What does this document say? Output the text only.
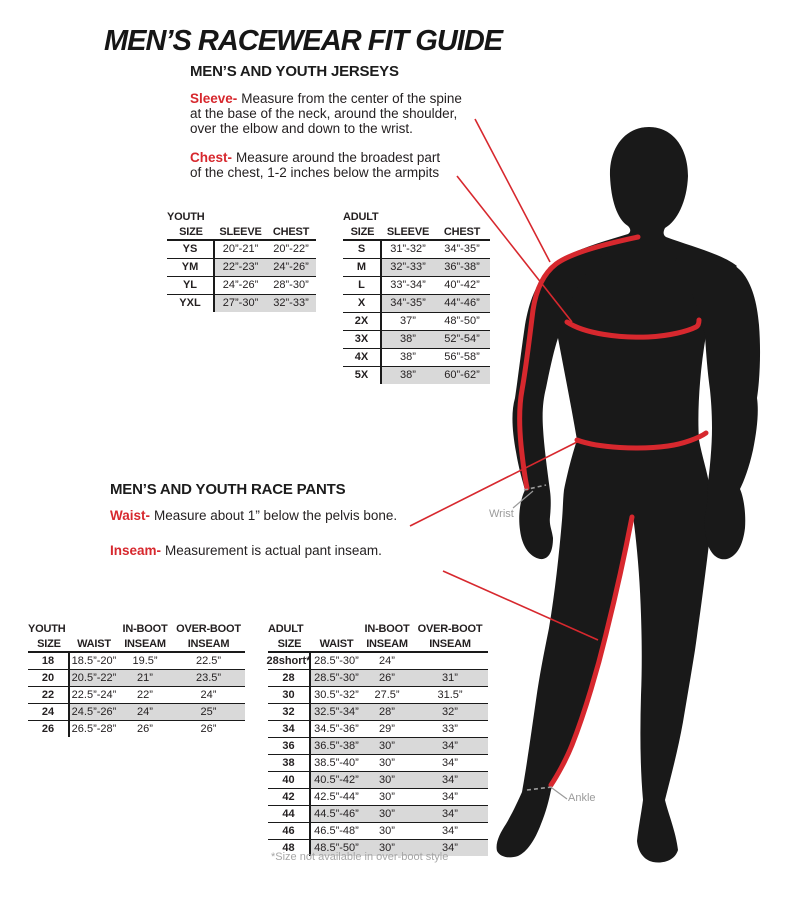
MEN’S RACEWEAR FIT GUIDE
MEN’S AND YOUTH JERSEYS

Sleeve- Measure from the center of the spine
at the base of the neck, around the shoulder,
over the elbow and down to the wrist.

Chest- Measure around the broadest part
of the chest, 1-2 inches below the armpits

YOUTH
SIZE	SLEEVE	CHEST
YS	20”-21”	20”-22”
YM	22”-23”	24”-26”
YL	24”-26”	28”-30”
YXL	27”-30”	32”-33”
ADULT
SIZE	SLEEVE	CHEST
S	31”-32”	34”-35”
M	32”-33”	36”-38”
L	33”-34”	40”-42”
X	34”-35”	44”-46”
2X	37”	48”-50”
3X	38”	52”-54”
4X	38”	56”-58”
5X	38”	60”-62”
MEN’S AND YOUTH RACE PANTS

Waist- Measure about 1” below the pelvis bone.

Inseam- Measurement is actual pant inseam.

YOUTH	IN-BOOT OVER-BOOT
SIZE	WAIST	INSEAM	INSEAM
18	18.5”-20”	19.5”	22.5”
20	20.5”-22”	21”	23.5”
22	22.5”-24”	22”	24”
24	24.5”-26”	24”	25”
26	26.5”-28”	26”	26”
ADULT	IN-BOOT OVER-BOOT
SIZE	WAIST	INSEAM	INSEAM
28short* 28.5”-30”	24”
28	28.5”-30”	26”	31”
30	30.5”-32”	27.5”	31.5”
32	32.5”-34”	28”	32”
34	34.5”-36”	29”	33”
36	36.5”-38”	30”	34”
38	38.5”-40”	30”	34”
40	40.5”-42”	30”	34”
42	42.5”-44”	30”	34”
44	44.5”-46”	30”	34”
46	46.5”-48”	30”	34”
48	48.5”-50”	30”	34”
*Size not available in over-boot style
Wrist
Ankle
